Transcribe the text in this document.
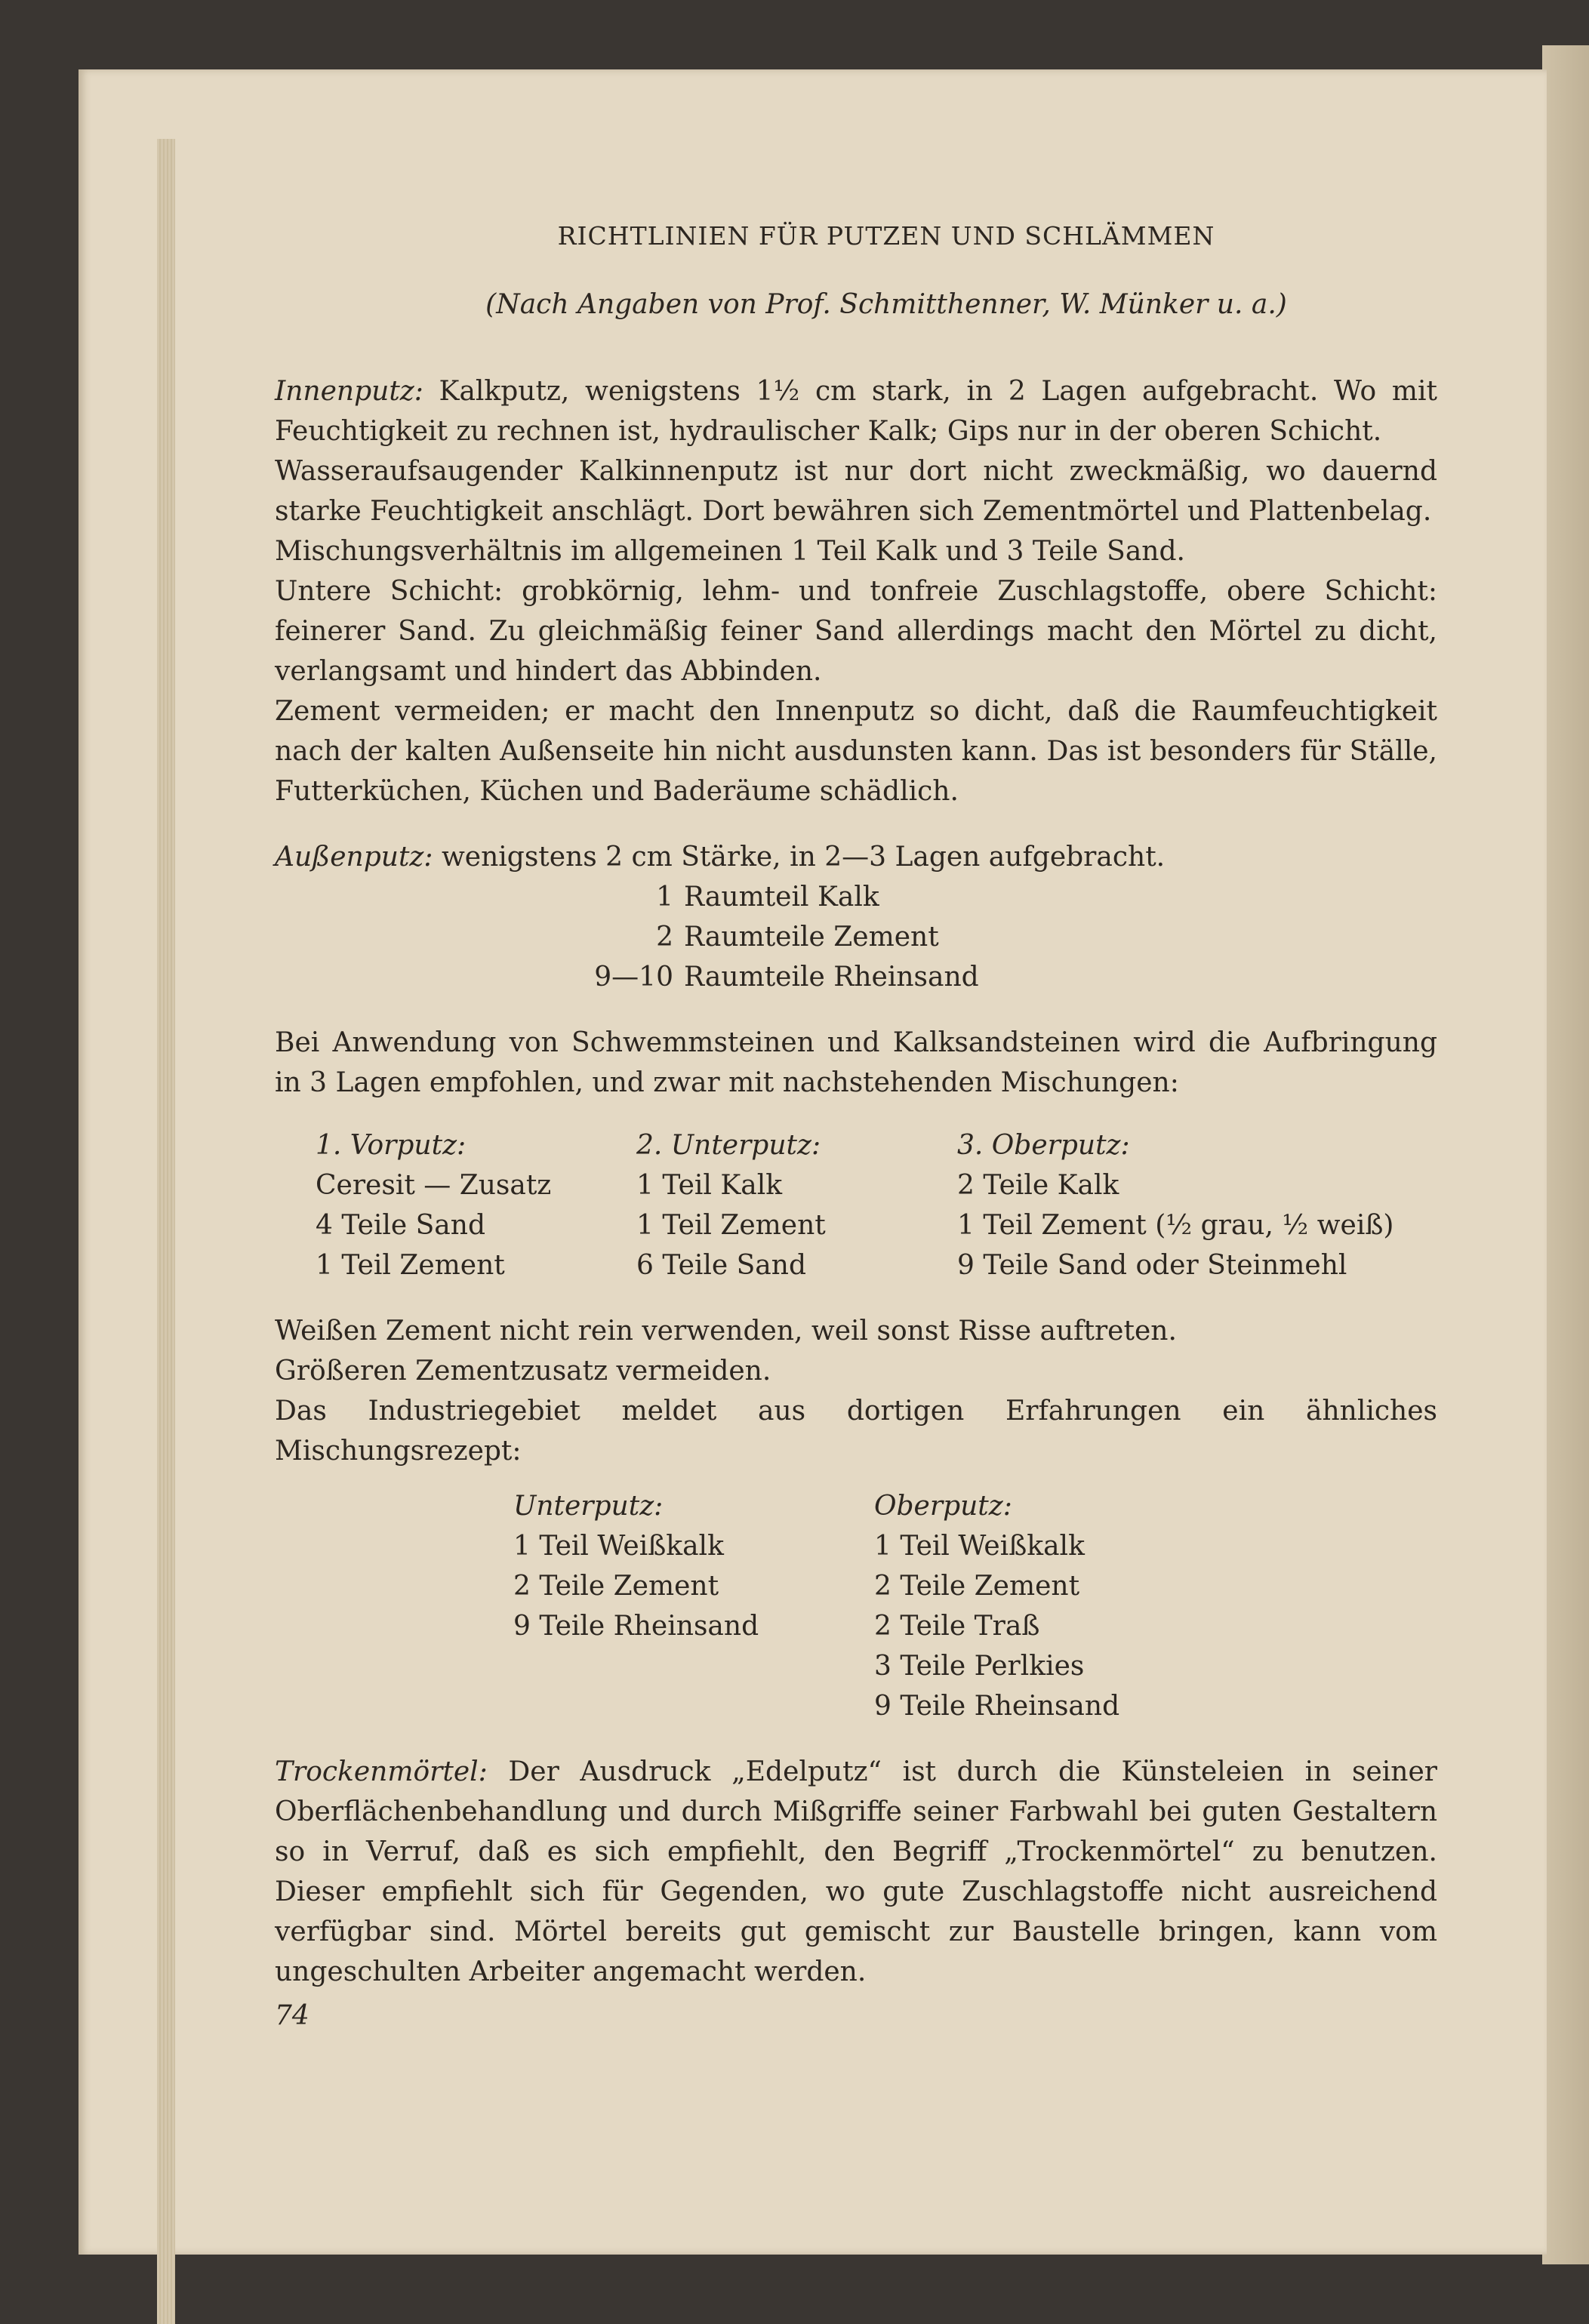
RICHTLINIEN FÜR PUTZEN UND SCHLÄMMEN
(Nach Angaben von Prof. Schmitthenner, W. Münker u. a.)

Innenputz: Kalkputz, wenigstens 1½ cm stark, in 2 Lagen aufgebracht. Wo mit Feuchtigkeit zu rechnen ist, hydraulischer Kalk; Gips nur in der oberen Schicht.

Wasseraufsaugender Kalkinnenputz ist nur dort nicht zweckmäßig, wo dauernd starke Feuchtigkeit anschlägt. Dort bewähren sich Zementmörtel und Plattenbelag.

Mischungsverhältnis im allgemeinen 1 Teil Kalk und 3 Teile Sand.

Untere Schicht: grobkörnig, lehm- und tonfreie Zuschlagstoffe, obere Schicht: feinerer Sand. Zu gleichmäßig feiner Sand allerdings macht den Mörtel zu dicht, verlangsamt und hindert das Abbinden.

Zement vermeiden; er macht den Innenputz so dicht, daß die Raumfeuchtigkeit nach der kalten Außenseite hin nicht ausdunsten kann. Das ist besonders für Ställe, Futterküchen, Küchen und Baderäume schädlich.

Außenputz: wenigstens 2 cm Stärke, in 2—3 Lagen aufgebracht.

1 Raumteil Kalk
2 Raumteile Zement
9—10 Raumteile Rheinsand

Bei Anwendung von Schwemmsteinen und Kalksandsteinen wird die Aufbringung in 3 Lagen empfohlen, und zwar mit nachstehenden Mischungen:

1. Vorputz:
Ceresit — Zusatz
4 Teile Sand
1 Teil Zement
2. Unterputz:
1 Teil Kalk
1 Teil Zement
6 Teile Sand
3. Oberputz:
2 Teile Kalk
1 Teil Zement (½ grau, ½ weiß)
9 Teile Sand oder Steinmehl

Weißen Zement nicht rein verwenden, weil sonst Risse auftreten.

Größeren Zementzusatz vermeiden.

Das Industriegebiet meldet aus dortigen Erfahrungen ein ähnliches Mischungsrezept:

Unterputz:
1 Teil Weißkalk
2 Teile Zement
9 Teile Rheinsand
Oberputz:
1 Teil Weißkalk
2 Teile Zement
2 Teile Traß
3 Teile Perlkies
9 Teile Rheinsand

Trockenmörtel: Der Ausdruck „Edelputz“ ist durch die Künsteleien in seiner Oberflächenbehandlung und durch Mißgriffe seiner Farbwahl bei guten Gestaltern so in Verruf, daß es sich empfiehlt, den Begriff „Trockenmörtel“ zu benutzen. Dieser empfiehlt sich für Gegenden, wo gute Zuschlagstoffe nicht ausreichend verfügbar sind. Mörtel bereits gut gemischt zur Baustelle bringen, kann vom ungeschulten Arbeiter angemacht werden.

74
